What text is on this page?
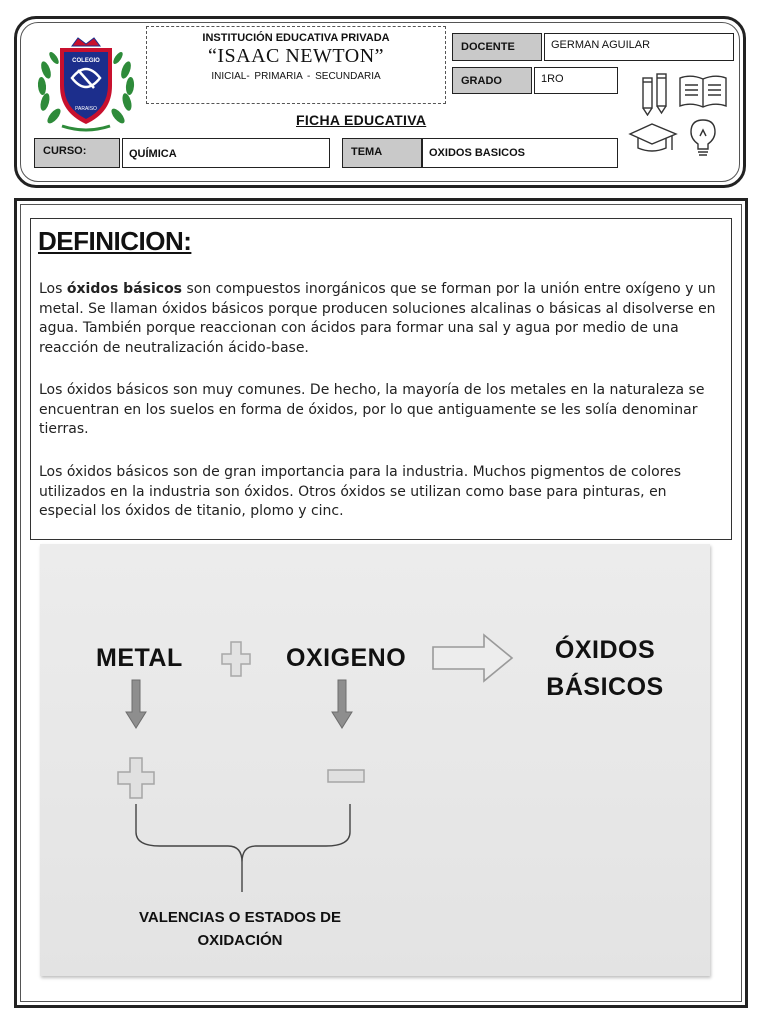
COLEGIO
PARAISO
INSTITUCIÓN EDUCATIVA PRIVADA
“ISAAC NEWTON”
INICIAL- PRIMARIA - SECUNDARIA
DOCENTE	GERMAN AGUILAR
GRADO	1RO
FICHA EDUCATIVA
CURSO:	QUÍMICA	TEMA	OXIDOS BASICOS
DEFINICION:
Los óxidos básicos son compuestos inorgánicos que se forman por la unión entre oxígeno y un metal. Se llaman óxidos básicos porque producen soluciones alcalinas o básicas al disolverse en agua. También porque reaccionan con ácidos para formar una sal y agua por medio de una reacción de neutralización ácido-base.
Los óxidos básicos son muy comunes. De hecho, la mayoría de los metales en la naturaleza se encuentran en los suelos en forma de óxidos, por lo que antiguamente se les solía denominar tierras.
Los óxidos básicos son de gran importancia para la industria. Muchos pigmentos de colores utilizados en la industria son óxidos. Otros óxidos se utilizan como base para pinturas, en especial los óxidos de titanio, plomo y cinc.
METAL	OXIGENO	ÓXIDOS
BÁSICOS
VALENCIAS O ESTADOS DE
OXIDACIÓN
